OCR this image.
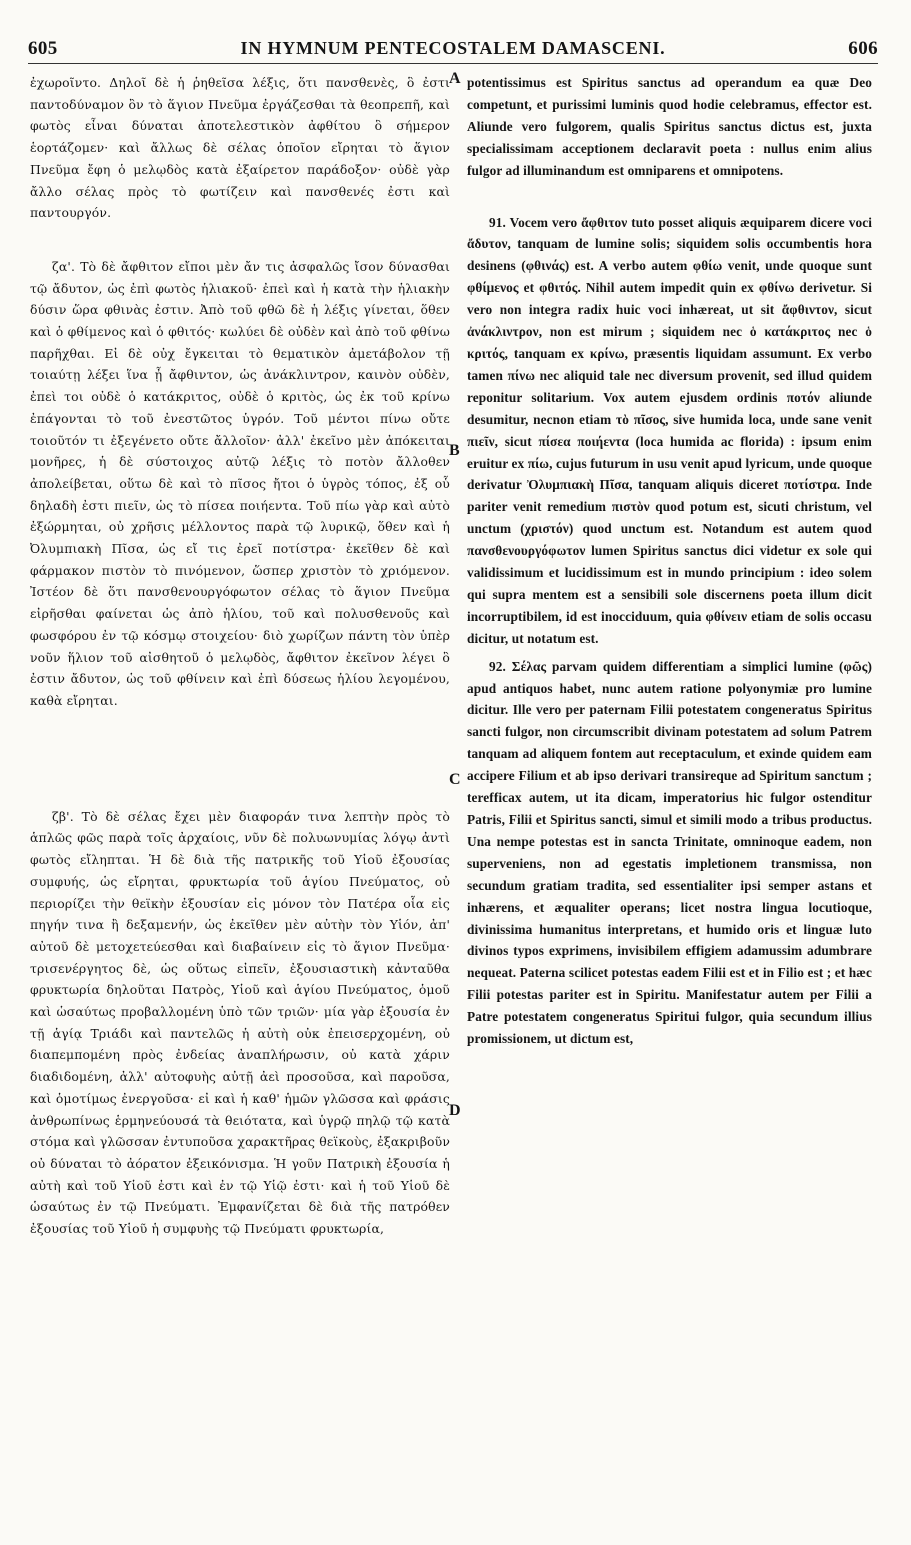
605	IN HYMNUM PENTECOSTALEM DAMASCENI.	606

ἐχωροῖντο. Δηλοῖ δὲ ἡ ῥηθεῖσα λέξις, ὅτι πανσθενὲς, ὃ ἐστι παντοδύναμον ὂν τὸ ἅγιον Πνεῦμα ἐργάζεσθαι τὰ θεοπρεπῆ, καὶ φωτὸς εἶναι δύναται ἀποτελεστικὸν ἀφθίτου ὃ σήμερον ἑορτάζομεν· καὶ ἄλλως δὲ σέλας ὁποῖον εἴρηται τὸ ἅγιον Πνεῦμα ἔφη ὁ μελῳδὸς κατὰ ἐξαίρετον παράδοξον· οὐδὲ γὰρ ἄλλο σέλας πρὸς τὸ φωτίζειν καὶ πανσθενές ἐστι καὶ παντουργόν.

ζα'. Τὸ δὲ ἄφθιτον εἴποι μὲν ἄν τις ἀσφαλῶς ἴσον δύνασθαι τῷ ἄδυτον, ὡς ἐπὶ φωτὸς ἡλιακοῦ· ἐπεὶ καὶ ἡ κατὰ τὴν ἡλιακὴν δύσιν ὥρα φθινὰς ἐστιν. Ἀπὸ τοῦ φθῶ δὲ ἡ λέξις γίνεται, ὅθεν καὶ ὁ φθίμενος καὶ ὁ φθιτός· κωλύει δὲ οὐδὲν καὶ ἀπὸ τοῦ φθίνω παρῆχθαι. Εἰ δὲ οὐχ ἔγκειται τὸ θεματικὸν ἀμετάβολον τῇ τοιαύτῃ λέξει ἵνα ᾖ ἄφθιντον, ὡς ἀνάκλιντρον, καινὸν οὐδὲν, ἐπεὶ τοι οὐδὲ ὁ κατάκριτος, οὐδὲ ὁ κριτὸς, ὡς ἐκ τοῦ κρίνω ἐπάγονται τὸ τοῦ ἐνεστῶτος ὑγρόν. Τοῦ μέντοι πίνω οὔτε τοιοῦτόν τι ἐξεγένετο οὔτε ἄλλοῖον· ἀλλ' ἐκεῖνο μὲν ἀπόκειται μονῆρες, ἡ δὲ σύστοιχος αὐτῷ λέξις τὸ ποτὸν ἄλλοθεν ἀπολείβεται, οὕτω δὲ καὶ τὸ πῖσος ἤτοι ὁ ὑγρὸς τόπος, ἐξ οὗ δηλαδὴ ἐστι πιεῖν, ὡς τὸ πίσεα ποιήεντα. Τοῦ πίω γὰρ καὶ αὐτὸ ἐξώρμηται, οὐ χρῆσις μέλλοντος παρὰ τῷ λυρικῷ, ὅθεν καὶ ἡ Ὀλυμπιακὴ Πῖσα, ὡς εἴ τις ἐρεῖ ποτίστρα· ἐκεῖθεν δὲ καὶ φάρμακον πιστὸν τὸ πινόμενον, ὥσπερ χριστὸν τὸ χριόμενον. Ἰστέον δὲ ὅτι πανσθενουργόφωτον σέλας τὸ ἅγιον Πνεῦμα εἰρῆσθαι φαίνεται ὡς ἀπὸ ἡλίου, τοῦ καὶ πολυσθενοῦς καὶ φωσφόρου ἐν τῷ κόσμῳ στοιχείου· διὸ χωρίζων πάντη τὸν ὑπὲρ νοῦν ἥλιον τοῦ αἰσθητοῦ ὁ μελῳδὸς, ἄφθιτον ἐκεῖνον λέγει ὃ ἐστιν ἄδυτον, ὡς τοῦ φθίνειν καὶ ἐπὶ δύσεως ἡλίου λεγομένου, καθὰ εἴρηται.

ζβ'. Τὸ δὲ σέλας ἔχει μὲν διαφοράν τινα λεπτὴν πρὸς τὸ ἁπλῶς φῶς παρὰ τοῖς ἀρχαίοις, νῦν δὲ πολυωνυμίας λόγῳ ἀντὶ φωτὸς εἴληπται. Ἡ δὲ διὰ τῆς πατρικῆς τοῦ Υἱοῦ ἐξουσίας συμφυής, ὡς εἴρηται, φρυκτωρία τοῦ ἁγίου Πνεύματος, οὐ περιορίζει τὴν θεϊκὴν ἐξουσίαν εἰς μόνον τὸν Πατέρα οἷα εἰς πηγήν τινα ἢ δεξαμενήν, ὡς ἐκεῖθεν μὲν αὐτὴν τὸν Υἱόν, ἀπ' αὐτοῦ δὲ μετοχετεύεσθαι καὶ διαβαίνειν εἰς τὸ ἅγιον Πνεῦμα· τρισενέργητος δὲ, ὡς οὕτως εἰπεῖν, ἐξουσιαστικὴ κἀνταῦθα φρυκτωρία δηλοῦται Πατρὸς, Υἱοῦ καὶ ἁγίου Πνεύματος, ὁμοῦ καὶ ὡσαύτως προβαλλομένη ὑπὸ τῶν τριῶν· μία γὰρ ἐξουσία ἐν τῇ ἁγίᾳ Τριάδι καὶ παντελῶς ἡ αὐτὴ οὐκ ἐπεισερχομένη, οὐ διαπεμπομένη πρὸς ἐνδείας ἀναπλήρωσιν, οὐ κατὰ χάριν διαδιδομένη, ἀλλ' αὐτοφυὴς αὐτῇ ἀεὶ προσοῦσα, καὶ παροῦσα, καὶ ὁμοτίμως ἐνεργοῦσα· εἰ καὶ ἡ καθ' ἡμῶν γλῶσσα καὶ φράσις ἀνθρωπίνως ἑρμηνεύουσά τὰ θειότατα, καὶ ὑγρῷ πηλῷ τῷ κατὰ στόμα καὶ γλῶσσαν ἐντυποῦσα χαρακτῆρας θεϊκοὺς, ἐξακριβοῦν οὐ δύναται τὸ ἀόρατον ἐξεικόνισμα. Ἡ γοῦν Πατρικὴ ἐξουσία ἡ αὐτὴ καὶ τοῦ Υἱοῦ ἐστι καὶ ἐν τῷ Υἱῷ ἐστι· καὶ ἡ τοῦ Υἱοῦ δὲ ὡσαύτως ἐν τῷ Πνεύματι. Ἐμφανίζεται δὲ διὰ τῆς πατρόθεν ἐξουσίας τοῦ Υἱοῦ ἡ συμφυὴς τῷ Πνεύματι φρυκτωρία,

potentissimus est Spiritus sanctus ad operandum ea quæ Deo competunt, et purissimi luminis quod hodie celebramus, effector est. Aliunde vero fulgorem, qualis Spiritus sanctus dictus est, juxta specialissimam acceptionem declaravit poeta : nullus enim alius fulgor ad illuminandum est omniparens et omnipotens.

91. Vocem vero ἄφθιτον tuto posset aliquis æquiparem dicere voci ἄδυτον, tanquam de lumine solis; siquidem solis occumbentis hora desinens (φθινάς) est. A verbo autem φθίω venit, unde quoque sunt φθίμενος et φθιτός. Nihil autem impedit quin ex φθίνω derivetur. Si vero non integra radix huic voci inhæreat, ut sit ἄφθιντον, sicut ἀνάκλιντρον, non est mirum ; siquidem nec ὁ κατάκριτος nec ὁ κριτός, tanquam ex κρίνω, præsentis liquidam assumunt. Ex verbo tamen πίνω nec aliquid tale nec diversum provenit, sed illud quidem reponitur solitarium. Vox autem ejusdem ordinis ποτόν aliunde desumitur, necnon etiam τὸ πῖσος, sive humida loca, unde sane venit πιεῖν, sicut πίσεα ποιήεντα (loca humida ac florida) : ipsum enim eruitur ex πίω, cujus futurum in usu venit apud lyricum, unde quoque derivatur Ὀλυμπιακὴ Πῖσα, tanquam aliquis diceret ποτίστρα. Inde pariter venit remedium πιστὸν quod potum est, sicuti christum, vel unctum (χριστόν) quod unctum est. Notandum est autem quod πανσθενουργόφωτον lumen Spiritus sanctus dici videtur ex sole qui validissimum et lucidissimum est in mundo principium : ideo solem qui supra mentem est a sensibili sole discernens poeta illum dicit incorruptibilem, id est inocciduum, quia φθίνειν etiam de solis occasu dicitur, ut notatum est.

92. Σέλας parvam quidem differentiam a simplici lumine (φῶς) apud antiquos habet, nunc autem ratione polyonymiæ pro lumine dicitur. Ille vero per paternam Filii potestatem congeneratus Spiritus sancti fulgor, non circumscribit divinam potestatem ad solum Patrem tanquam ad aliquem fontem aut receptaculum, et exinde quidem eam accipere Filium et ab ipso derivari transireque ad Spiritum sanctum ; terefficax autem, ut ita dicam, imperatorius hic fulgor ostenditur Patris, Filii et Spiritus sancti, simul et simili modo a tribus productus. Una nempe potestas est in sancta Trinitate, omninoque eadem, non superveniens, non ad egestatis impletionem transmissa, non secundum gratiam tradita, sed essentialiter ipsi semper astans et inhærens, et æqualiter operans; licet nostra lingua locutioque, divinissima humanitus interpretans, et humido oris et linguæ luto divinos typos exprimens, invisibilem effigiem adamussim adumbrare nequeat. Paterna scilicet potestas eadem Filii est et in Filio est ; et hæc Filii potestas pariter est in Spiritu. Manifestatur autem per Filii a Patre potestatem congeneratus Spiritui fulgor, quia secundum illius promissionem, ut dictum est,

A
B
C
D
